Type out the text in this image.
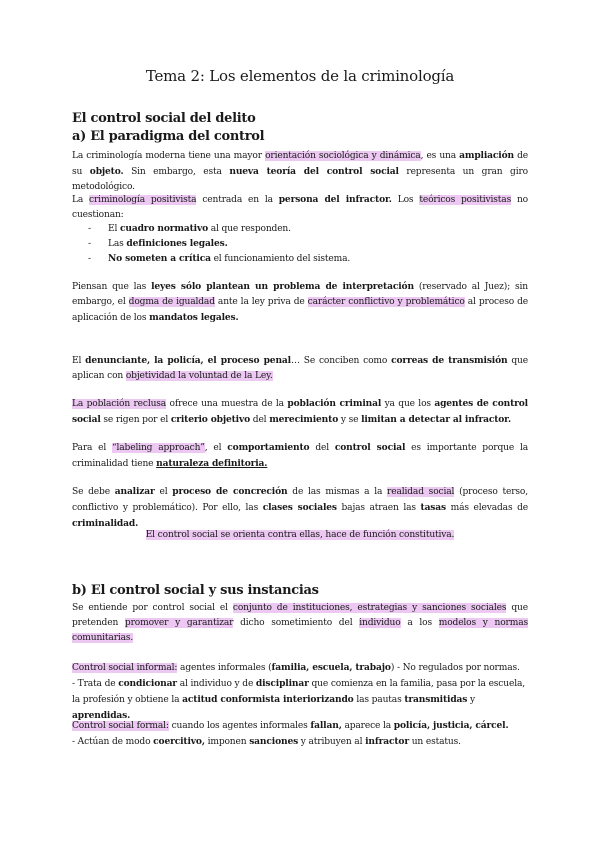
Tema 2: Los elementos de la criminología
El control social del delito
a) El paradigma del control
La criminología moderna tiene una mayor orientación sociológica y dinámica, es una ampliación de su objeto. Sin embargo, esta nueva teoría del control social representa un gran giro metodológico.
La criminología positivista centrada en la persona del infractor. Los teóricos positivistas no cuestionan:
- El cuadro normativo al que responden.
- Las definiciones legales.
- No someten a crítica el funcionamiento del sistema.
Piensan que las leyes sólo plantean un problema de interpretación (reservado al Juez); sin embargo, el dogma de igualdad ante la ley priva de carácter conflictivo y problemático al proceso de aplicación de los mandatos legales.
El denunciante, la policía, el proceso penal… Se conciben como correas de transmisión que aplican con objetividad la voluntad de la Ley.
La población reclusa ofrece una muestra de la población criminal ya que los agentes de control social se rigen por el criterio objetivo del merecimiento y se limitan a detectar al infractor.
Para el “labeling approach”, el comportamiento del control social es importante porque la criminalidad tiene naturaleza definitoria.
Se debe analizar el proceso de concreción de las mismas a la realidad social (proceso terso, conflictivo y problemático). Por ello, las clases sociales bajas atraen las tasas más elevadas de criminalidad.
El control social se orienta contra ellas, hace de función constitutiva.
b) El control social y sus instancias
Se entiende por control social el conjunto de instituciones, estrategias y sanciones sociales que pretenden promover y garantizar dicho sometimiento del individuo a los modelos y normas comunitarias.
Control social informal: agentes informales (familia, escuela, trabajo) - No regulados por normas.
- Trata de condicionar al individuo y de disciplinar que comienza en la familia, pasa por la escuela, la profesión y obtiene la actitud conformista interiorizando las pautas transmitidas y aprendidas.
Control social formal: cuando los agentes informales fallan, aparece la policía, justicia, cárcel.
- Actúan de modo coercitivo, imponen sanciones y atribuyen al infractor un estatus.
